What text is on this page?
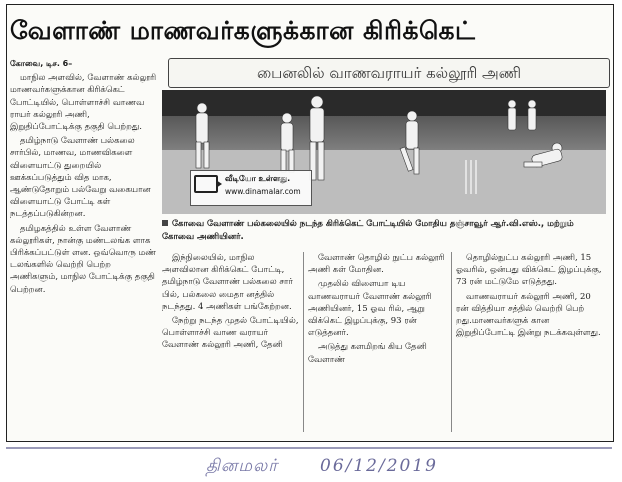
வேளாண் மாணவர்களுக்கான கிரிக்கெட்
பைனலில் வாணவராயர் கல்லூரி அணி
கோவை, டிச. 6–

மாநில அளவில், வேளாண் கல்லூரி மாணவர்களுக்கான கிரிக்கெட் போட்டியில், பொள்ளாச்சி வாணவ ராயர் கல்லூரி அணி, இறுதிப்போட்டிக்கு தகுதி பெற்றது.

தமிழ்நாடு வேளாண் பல்கலை சார்பில், மாணவ, மாணவிகளை விளையாட்டு துறையில் ஊக்கப்படுத்தும் வித மாக, ஆண்டுதோறும் பல்வேறு வகையான விளையாட்டு போட்டி கள் நடத்தப்படுகின்றன.

தமிழகத்தில் உள்ள வேளாண் கல்லூரிகள், நான்கு மண்டலங்க ளாக பிரிக்கப்பட்டுள் ளன. ஒவ்வொரு மண் டலங்களில் வெற்றி பெற்ற அணிகளும், மாநில போட்டிக்கு தகுதி பெற்றன.

வீடியோ உள்ளது.
www.dinamalar.com
கோவை வேளாண் பல்கலையில் நடந்த கிரிக்கெட் போட்டியில் மோதிய தஞ்சாவூர் ஆர்.வி.எஸ்., மற்றும் கோவை அணியினர்.

இந்நிலையில், மாநில அளவிலான கிரிக்கெட் போட்டி, தமிழ்நாடு வேளாண் பல்கலை சார் பில், பல்கலை மைதா னத்தில் நடந்தது. 4 அணிகள் பங்கேற்றன.

நேற்று நடந்த முதல் போட்டியில், பொள்ளாச்சி வாண வராயர் வேளாண் கல்லூரி அணி, தேனி

வேளாண் தொழில் நுட்ப கல்லூரி அணி கள் மோதின.

முதலில் விளையா டிய வாணவராயர் வேளாண் கல்லூரி அணியினர், 15 ஓவ ரில், ஆறு விக்கெட் இழப்புக்கு, 93 ரன் எடுத்தனர்.

அடுத்து களமிறங் கிய தேனி வேளாண்

தொழில்நுட்ப கல்லூரி அணி, 15 ஓவரில், ஒன்பது விக்கெட் இழப்புக்கு, 73 ரன் மட்டுமே எடுத்தது.

வாணவராயர் கல்லூரி அணி, 20 ரன் வித்தியா சத்தில் வெற்றி பெற் றது.மாணவர்களுக் கான இறுதிப்போட்டி இன்று நடக்கவுள்ளது.

தினமலர் 06/12/2019
